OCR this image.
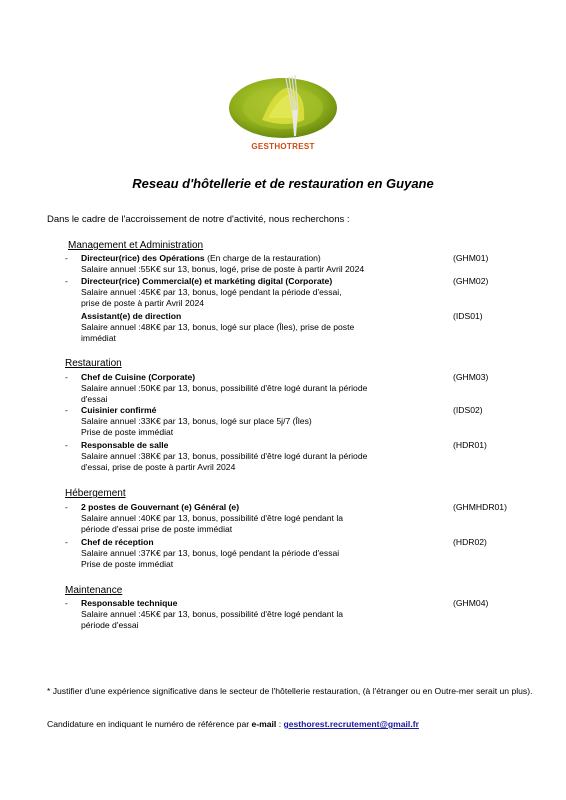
GESTHOTREST
Reseau d'hôtellerie et de restauration en Guyane
Dans le cadre de l'accroissement de notre d'activité, nous recherchons :
Management et Administration
- Directeur(rice) des Opérations (En charge de la restauration)
Salaire annuel :55K€ sur 13, bonus, logé, prise de poste à partir Avril 2024
(GHM01)
- Directeur(rice) Commercial(e) et markéting digital (Corporate)
Salaire annuel :45K€ par 13, bonus, logé pendant la période d'essai,
prise de poste à partir Avril 2024
(GHM02)
Assistant(e) de direction
Salaire annuel :48K€ par 13, bonus, logé sur place (Îles), prise de poste
immédiat
(IDS01)
Restauration
- Chef de Cuisine (Corporate)
Salaire annuel :50K€ par 13, bonus, possibilité d'être logé durant la période
d'essai
(GHM03)
- Cuisinier confirmé
Salaire annuel :33K€ par 13, bonus, logé sur place 5j/7 (Îles)
Prise de poste immédiat
(IDS02)
- Responsable de salle
Salaire annuel :38K€ par 13, bonus, possibilité d'être logé durant la période
d'essai, prise de poste à partir Avril 2024
(HDR01)
Hébergement
- 2 postes de Gouvernant (e) Général (e)
Salaire annuel :40K€ par 13, bonus, possibilité d'être logé pendant la
période d'essai prise de poste immédiat
(GHMHDR01)
- Chef de réception
Salaire annuel :37K€ par 13, bonus, logé pendant la période d'essai
Prise de poste immédiat
(HDR02)
Maintenance
- Responsable technique
Salaire annuel :45K€ par 13, bonus, possibilité d'être logé pendant la
période d'essai
(GHM04)
* Justifier d'une expérience significative dans le secteur de l'hôtellerie restauration, (à l'étranger ou en Outre-mer serait un plus).
Candidature en indiquant le numéro de référence par e-mail : gesthorest.recrutement@gmail.fr
